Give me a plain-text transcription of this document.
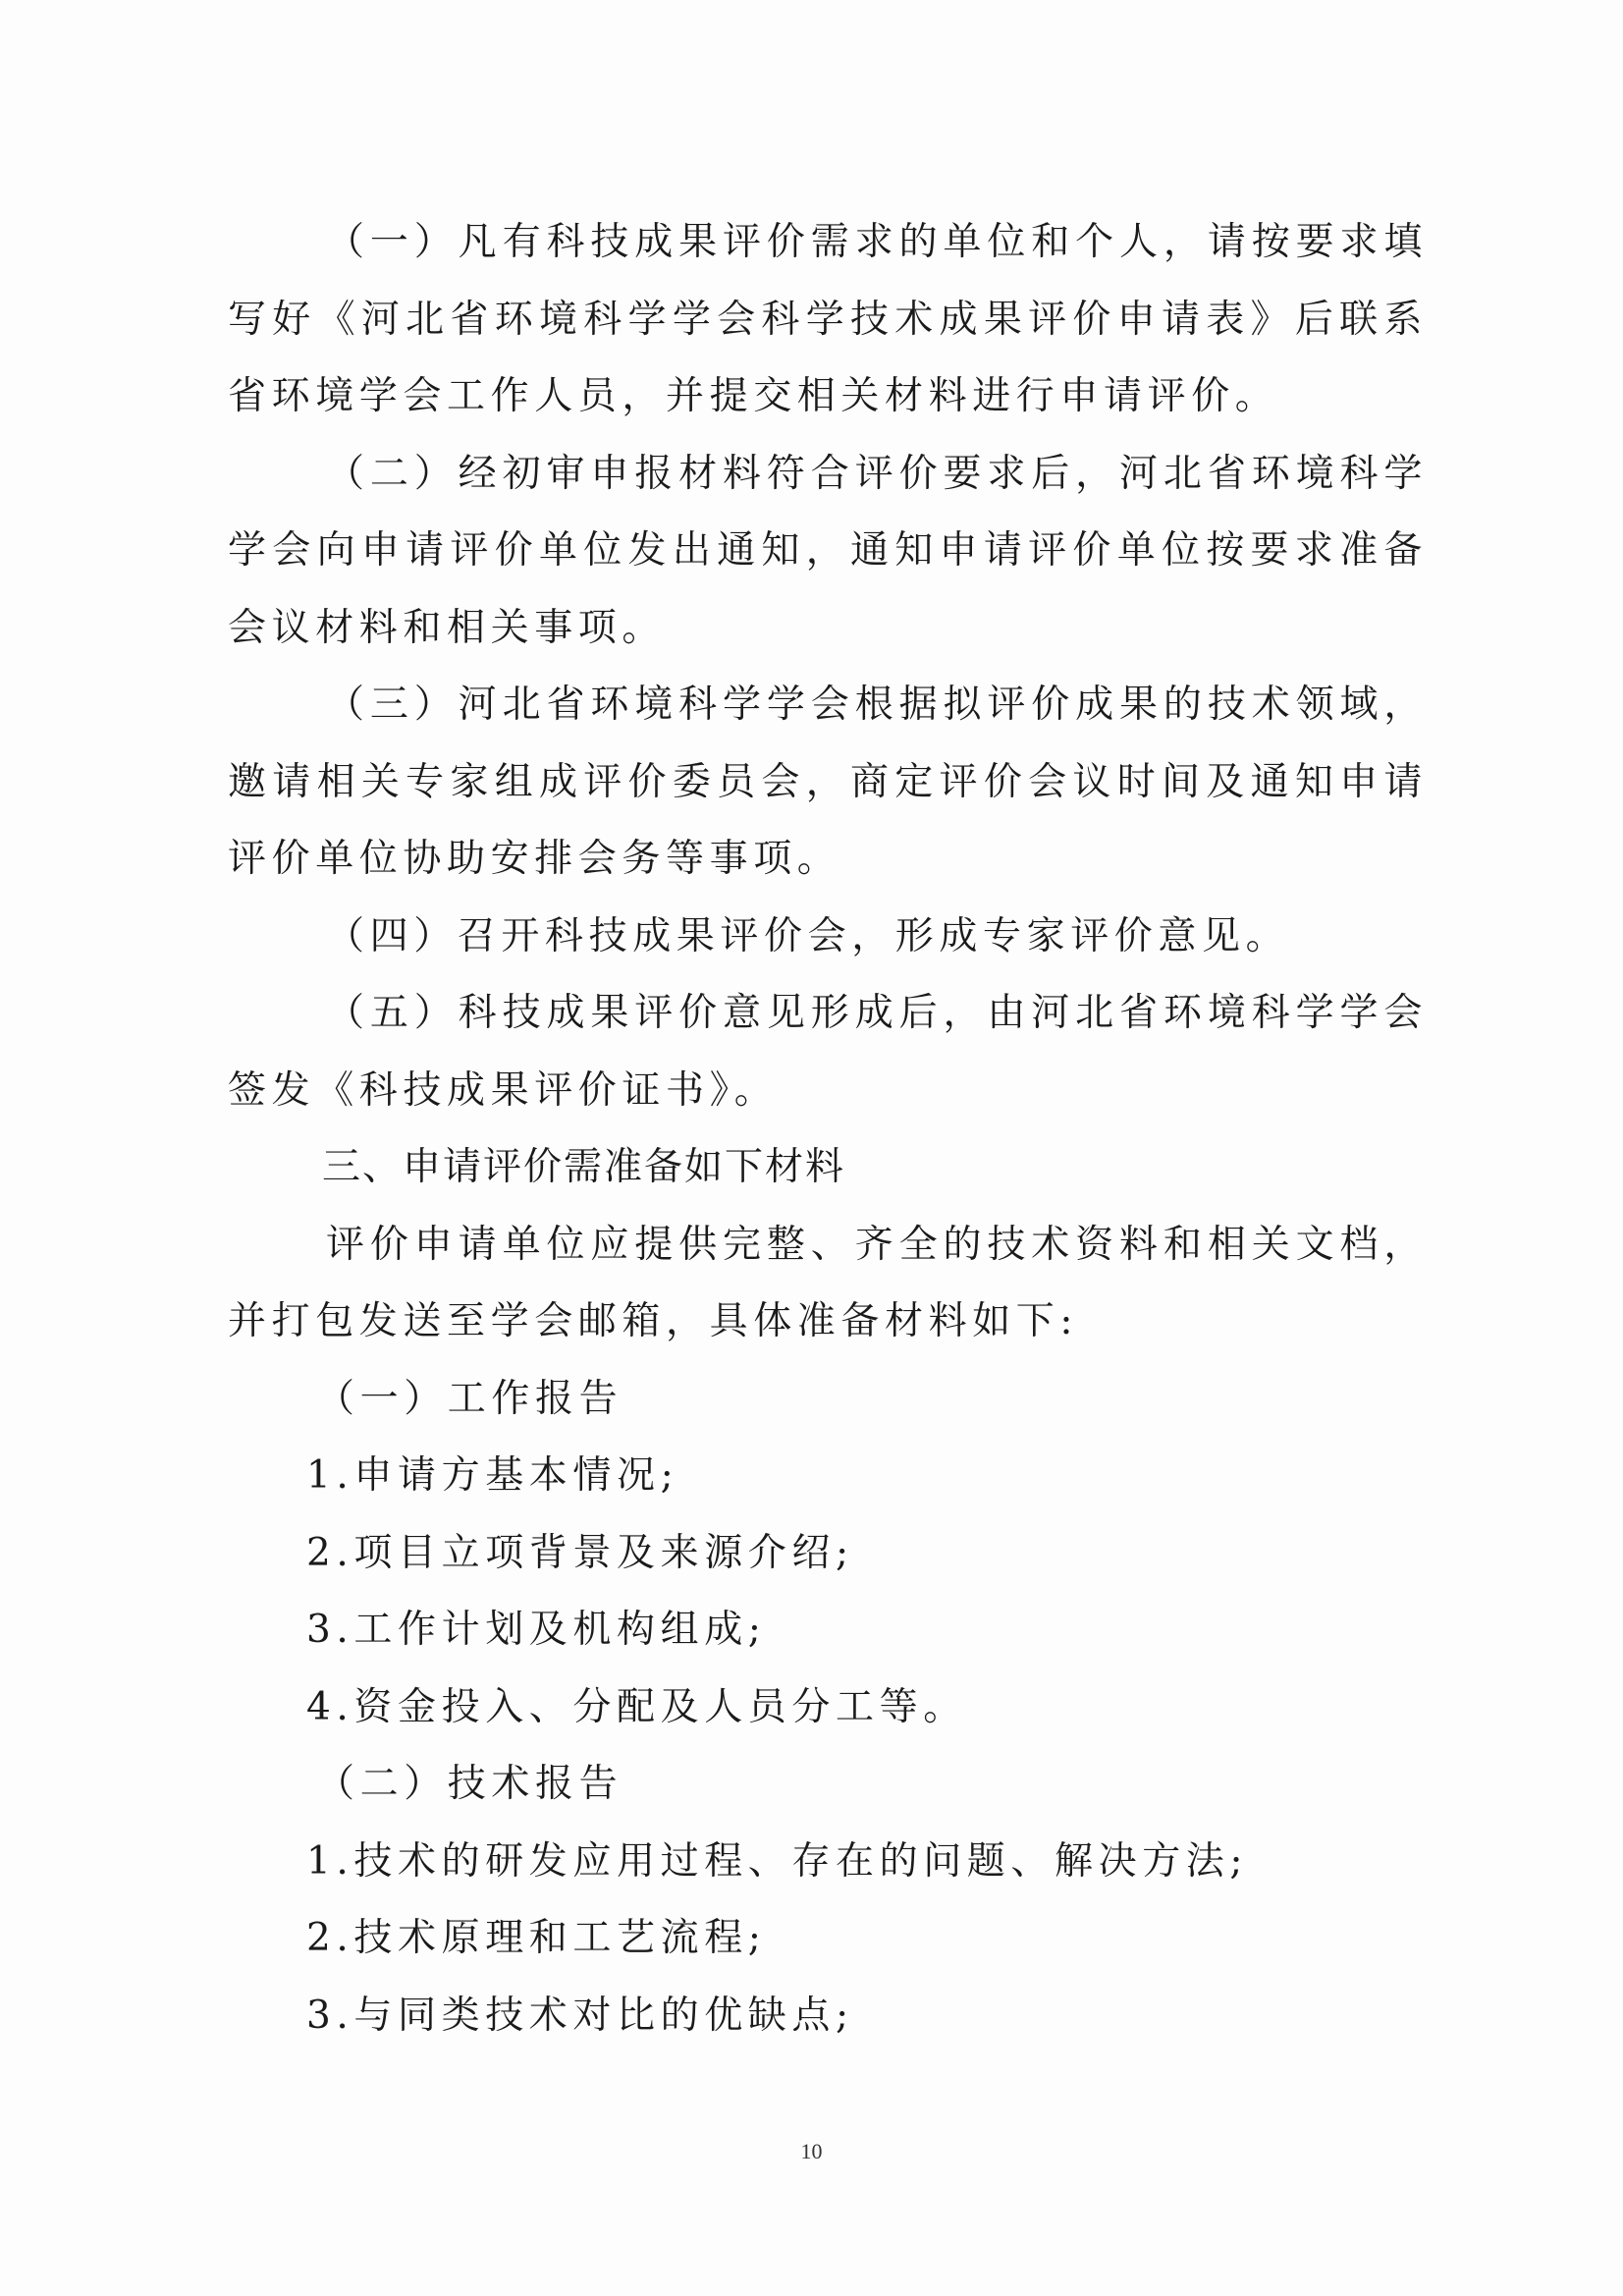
（一）凡有科技成果评价需求的单位和个人，请按要求填写好《河北省环境科学学会科学技术成果评价申请表》后联系省环境学会工作人员，并提交相关材料进行申请评价。

（二）经初审申报材料符合评价要求后，河北省环境科学学会向申请评价单位发出通知，通知申请评价单位按要求准备会议材料和相关事项。

（三）河北省环境科学学会根据拟评价成果的技术领域，邀请相关专家组成评价委员会，商定评价会议时间及通知申请评价单位协助安排会务等事项。

（四）召开科技成果评价会，形成专家评价意见。

（五）科技成果评价意见形成后，由河北省环境科学学会签发《科技成果评价证书》。

三、申请评价需准备如下材料

评价申请单位应提供完整、齐全的技术资料和相关文档，并打包发送至学会邮箱，具体准备材料如下:

（一）工作报告

1.申请方基本情况;

2.项目立项背景及来源介绍;

3.工作计划及机构组成;

4.资金投入、分配及人员分工等。

（二）技术报告

1.技术的研发应用过程、存在的问题、解决方法;

2.技术原理和工艺流程;

3.与同类技术对比的优缺点;

10
